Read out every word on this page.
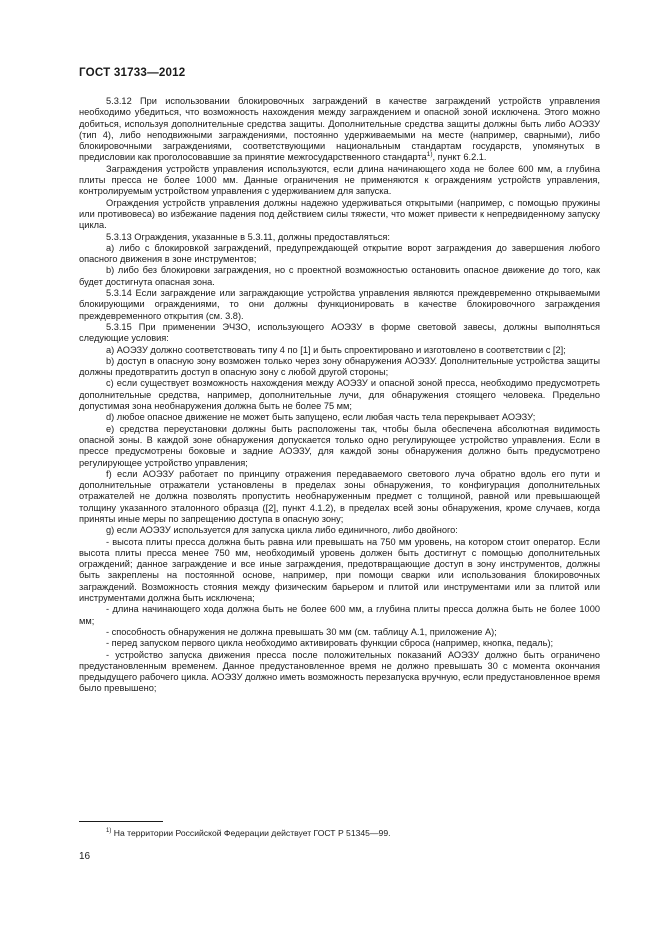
ГОСТ 31733—2012

5.3.12 При использовании блокировочных заграждений в качестве заграждений устройств управления необходимо убедиться, что возможность нахождения между заграждением и опасной зоной исключена. Этого можно добиться, используя дополнительные средства защиты. Дополнительные средства защиты должны быть либо АОЭЗУ (тип 4), либо неподвижными заграждениями, постоянно удерживаемыми на месте (например, сварными), либо блокировочными заграждениями, соответствующими национальным стандартам государств, упомянутых в предисловии как проголосовавшие за принятие межгосударственного стандарта$^{1)}$, пункт 6.2.1.

Заграждения устройств управления используются, если длина начинающего хода не более 600 мм, а глубина плиты пресса не более 1000 мм. Данные ограничения не применяются к ограждениям устройств управления, контролируемым устройством управления с удерживанием для запуска.

Ограждения устройств управления должны надежно удерживаться открытыми (например, с помощью пружины или противовеса) во избежание падения под действием силы тяжести, что может привести к непредвиденному запуску цикла.

5.3.13 Ограждения, указанные в 5.3.11, должны предоставляться:

a) либо с блокировкой заграждений, предупреждающей открытие ворот заграждения до завершения любого опасного движения в зоне инструментов;

b) либо без блокировки заграждения, но с проектной возможностью остановить опасное движение до того, как будет достигнута опасная зона.

5.3.14 Если заграждение или заграждающие устройства управления являются преждевременно открываемыми блокирующими ограждениями, то они должны функционировать в качестве блокировочного заграждения преждевременного открытия (см. 3.8).

5.3.15 При применении ЭЧЗО, использующего АОЭЗУ в форме световой завесы, должны выполняться следующие условия:

a) АОЭЗУ должно соответствовать типу 4 по [1] и быть спроектировано и изготовлено в соответствии с [2];

b) доступ в опасную зону возможен только через зону обнаружения АОЭЗУ. Дополнительные устройства защиты должны предотвратить доступ в опасную зону с любой другой стороны;

c) если существует возможность нахождения между АОЭЗУ и опасной зоной пресса, необходимо предусмотреть дополнительные средства, например, дополнительные лучи, для обнаружения стоящего человека. Предельно допустимая зона необнаружения должна быть не более 75 мм;

d) любое опасное движение не может быть запущено, если любая часть тела перекрывает АОЭЗУ;

e) средства переустановки должны быть расположены так, чтобы была обеспечена абсолютная видимость опасной зоны. В каждой зоне обнаружения допускается только одно регулирующее устройство управления. Если в прессе предусмотрены боковые и задние АОЭЗУ, для каждой зоны обнаружения должно быть предусмотрено регулирующее устройство управления;

f) если АОЭЗУ работает по принципу отражения передаваемого светового луча обратно вдоль его пути и дополнительные отражатели установлены в пределах зоны обнаружения, то конфигурация дополнительных отражателей не должна позволять пропустить необнаруженным предмет с толщиной, равной или превышающей толщину указанного эталонного образца ([2], пункт 4.1.2), в пределах всей зоны обнаружения, кроме случаев, когда приняты иные меры по запрещению доступа в опасную зону;

g) если АОЭЗУ используется для запуска цикла либо единичного, либо двойного:

- высота плиты пресса должна быть равна или превышать на 750 мм уровень, на котором стоит оператор. Если высота плиты пресса менее 750 мм, необходимый уровень должен быть достигнут с помощью дополнительных ограждений; данное заграждение и все иные заграждения, предотвращающие доступ в зону инструментов, должны быть закреплены на постоянной основе, например, при помощи сварки или использования блокировочных заграждений. Возможность стояния между физическим барьером и плитой или инструментами или за плитой или инструментами должна быть исключена;

- длина начинающего хода должна быть не более 600 мм, а глубина плиты пресса должна быть не более 1000 мм;

- способность обнаружения не должна превышать 30 мм (см. таблицу А.1, приложение А);

- перед запуском первого цикла необходимо активировать функции сброса (например, кнопка, педаль);

- устройство запуска движения пресса после положительных показаний АОЭЗУ должно быть ограничено предустановленным временем. Данное предустановленное время не должно превышать 30 с момента окончания предыдущего рабочего цикла. АОЭЗУ должно иметь возможность перезапуска вручную, если предустановленное время было превышено;

$^{1)}$ На территории Российской Федерации действует ГОСТ Р 51345—99.
16
